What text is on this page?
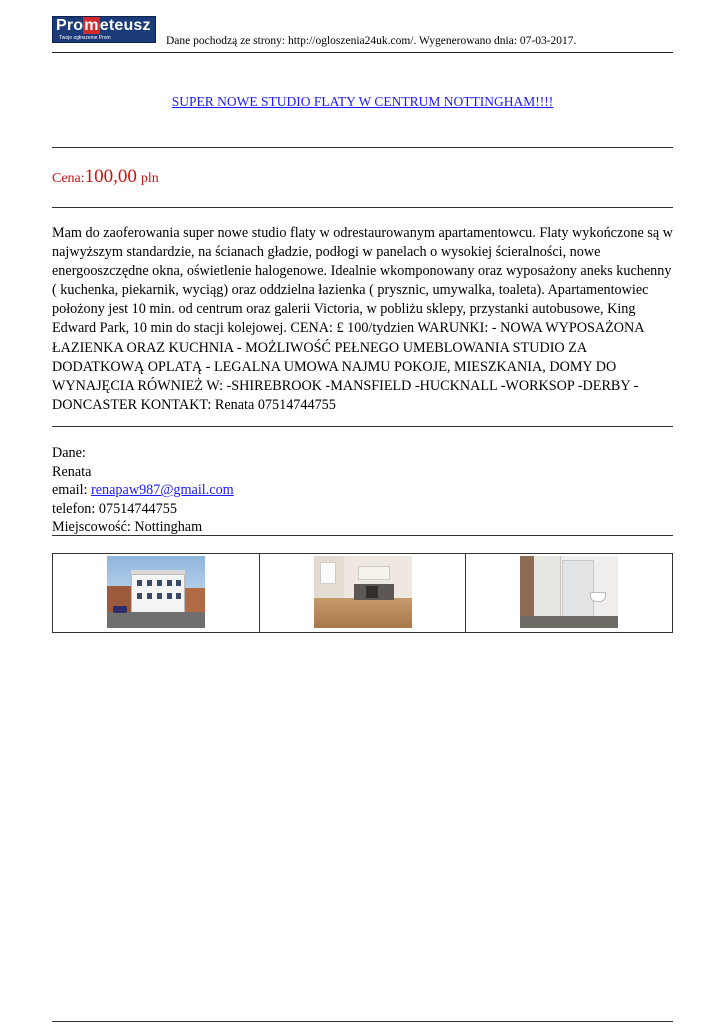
Prometeusz
Twoje ogłoszenie Prom	Dane pochodzą ze strony: http://ogloszenia24uk.com/. Wygenerowano dnia: 07-03-2017.
SUPER NOWE STUDIO FLATY W CENTRUM NOTTINGHAM!!!!
Cena:100,00 pln
Mam do zaoferowania super nowe studio flaty w odrestaurowanym apartamentowcu. Flaty wykończone są w najwyższym standardzie, na ścianach gładzie, podłogi w panelach o wysokiej ścieralności, nowe energooszczędne okna, oświetlenie halogenowe. Idealnie wkomponowany oraz wyposażony aneks kuchenny ( kuchenka, piekarnik, wyciąg) oraz oddzielna łazienka ( prysznic, umywalka, toaleta). Apartamentowiec położony jest 10 min. od centrum oraz galerii Victoria, w pobliżu sklepy, przystanki autobusowe, King Edward Park, 10 min do stacji kolejowej. CENA: £ 100/tydzien WARUNKI: - NOWA WYPOSAŻONA ŁAZIENKA ORAZ KUCHNIA - MOŻLIWOŚĆ PEŁNEGO UMEBLOWANIA STUDIO ZA DODATKOWĄ OPLATĄ - LEGALNA UMOWA NAJMU POKOJE, MIESZKANIA, DOMY DO WYNAJĘCIA RÓWNIEŻ W: -SHIREBROOK -MANSFIELD -HUCKNALL -WORKSOP -DERBY -DONCASTER KONTAKT: Renata 07514744755
Dane:
Renata
email: renapaw987@gmail.com
telefon: 07514744755
Miejscowość: Nottingham
